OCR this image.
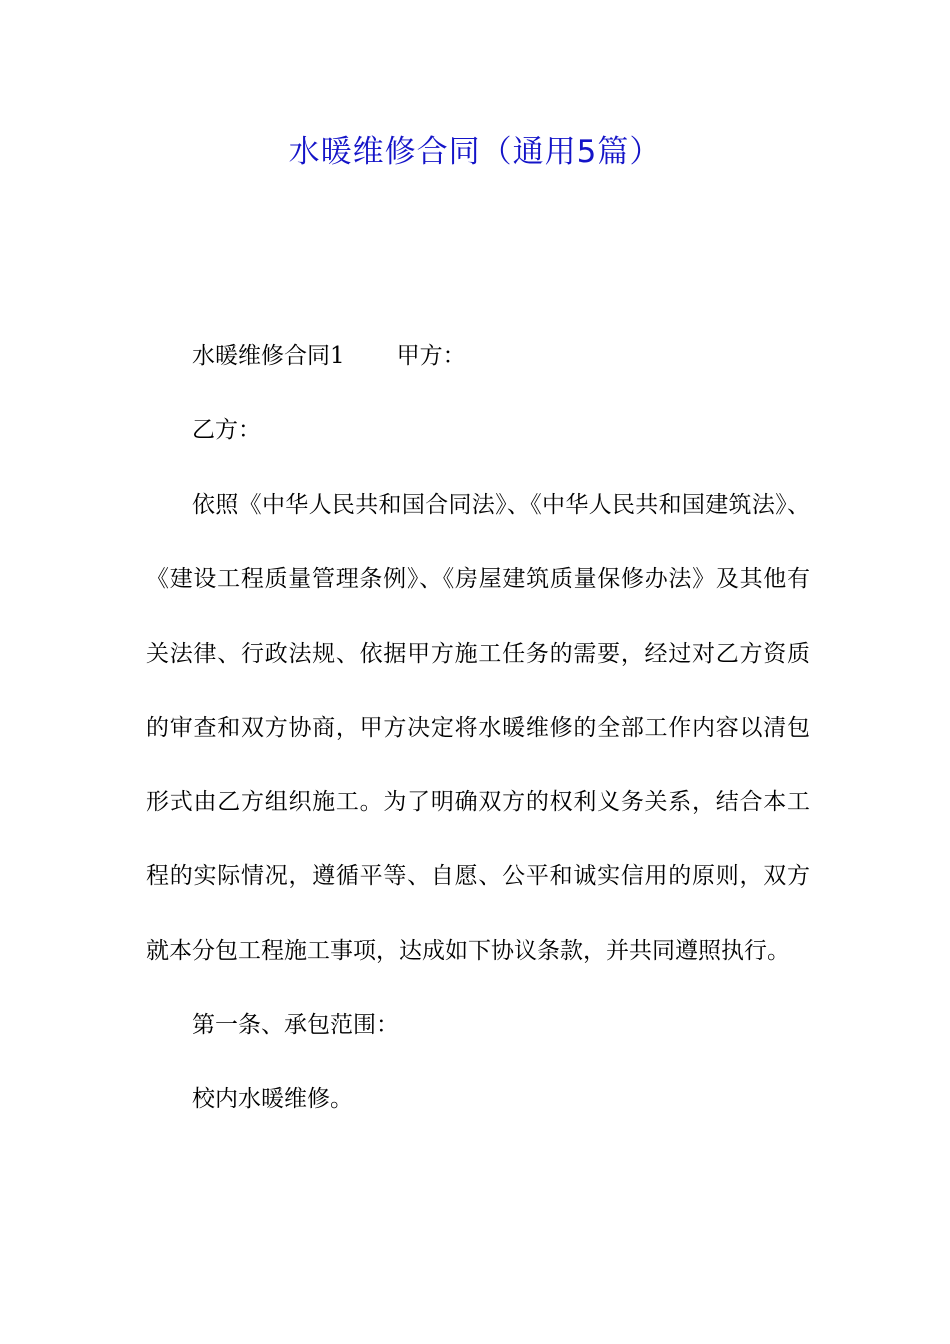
水暖维修合同（通用5篇）

水暖维修合同1 甲方：

乙方：

依照《中华人民共和国合同法》、《中华人民共和国建筑法》、《建设工程质量管理条例》、《房屋建筑质量保修办法》及其他有关法律、行政法规、依据甲方施工任务的需要，经过对乙方资质的审查和双方协商，甲方决定将水暖维修的全部工作内容以清包形式由乙方组织施工。为了明确双方的权利义务关系，结合本工程的实际情况，遵循平等、自愿、公平和诚实信用的原则，双方就本分包工程施工事项，达成如下协议条款，并共同遵照执行。

第一条、承包范围：

校内水暖维修。
